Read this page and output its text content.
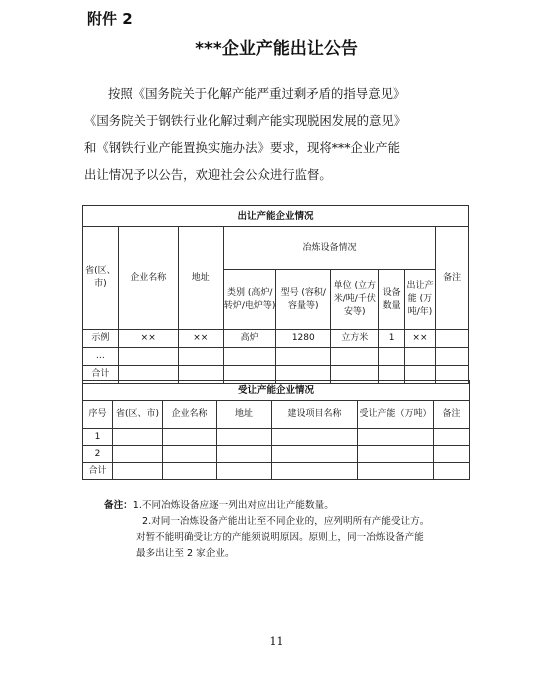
附件 2
***企业产能出让公告

按照《国务院关于化解产能严重过剩矛盾的指导意见》

《国务院关于钢铁行业化解过剩产能实现脱困发展的意见》

和《钢铁行业产能置换实施办法》要求，现将***企业产能

出让情况予以公告，欢迎社会公众进行监督。

出让产能企业情况								
省(区、市)	企业名称	地址	冶炼设备情况					备注
			类别 (高炉/转炉/电炉等)	型号 (容积/容量等)	单位 (立方米/吨/千伏安等)	设备数量	出让产能 (万吨/年)	
示例	××	××	高炉	1280	立方米	1	××	
…								
合计								
受让产能企业情况						
序号	省(区、市)	企业名称	地址	建设项目名称	受让产能（万吨）	备注
1						
2						
合计						
备注：1.不同冶炼设备应逐一列出对应出让产能数量。
2.对同一冶炼设备产能出让至不同企业的，应列明所有产能受让方。
对暂不能明确受让方的产能须说明原因。原则上，同一冶炼设备产能
最多出让至 2 家企业。
11
